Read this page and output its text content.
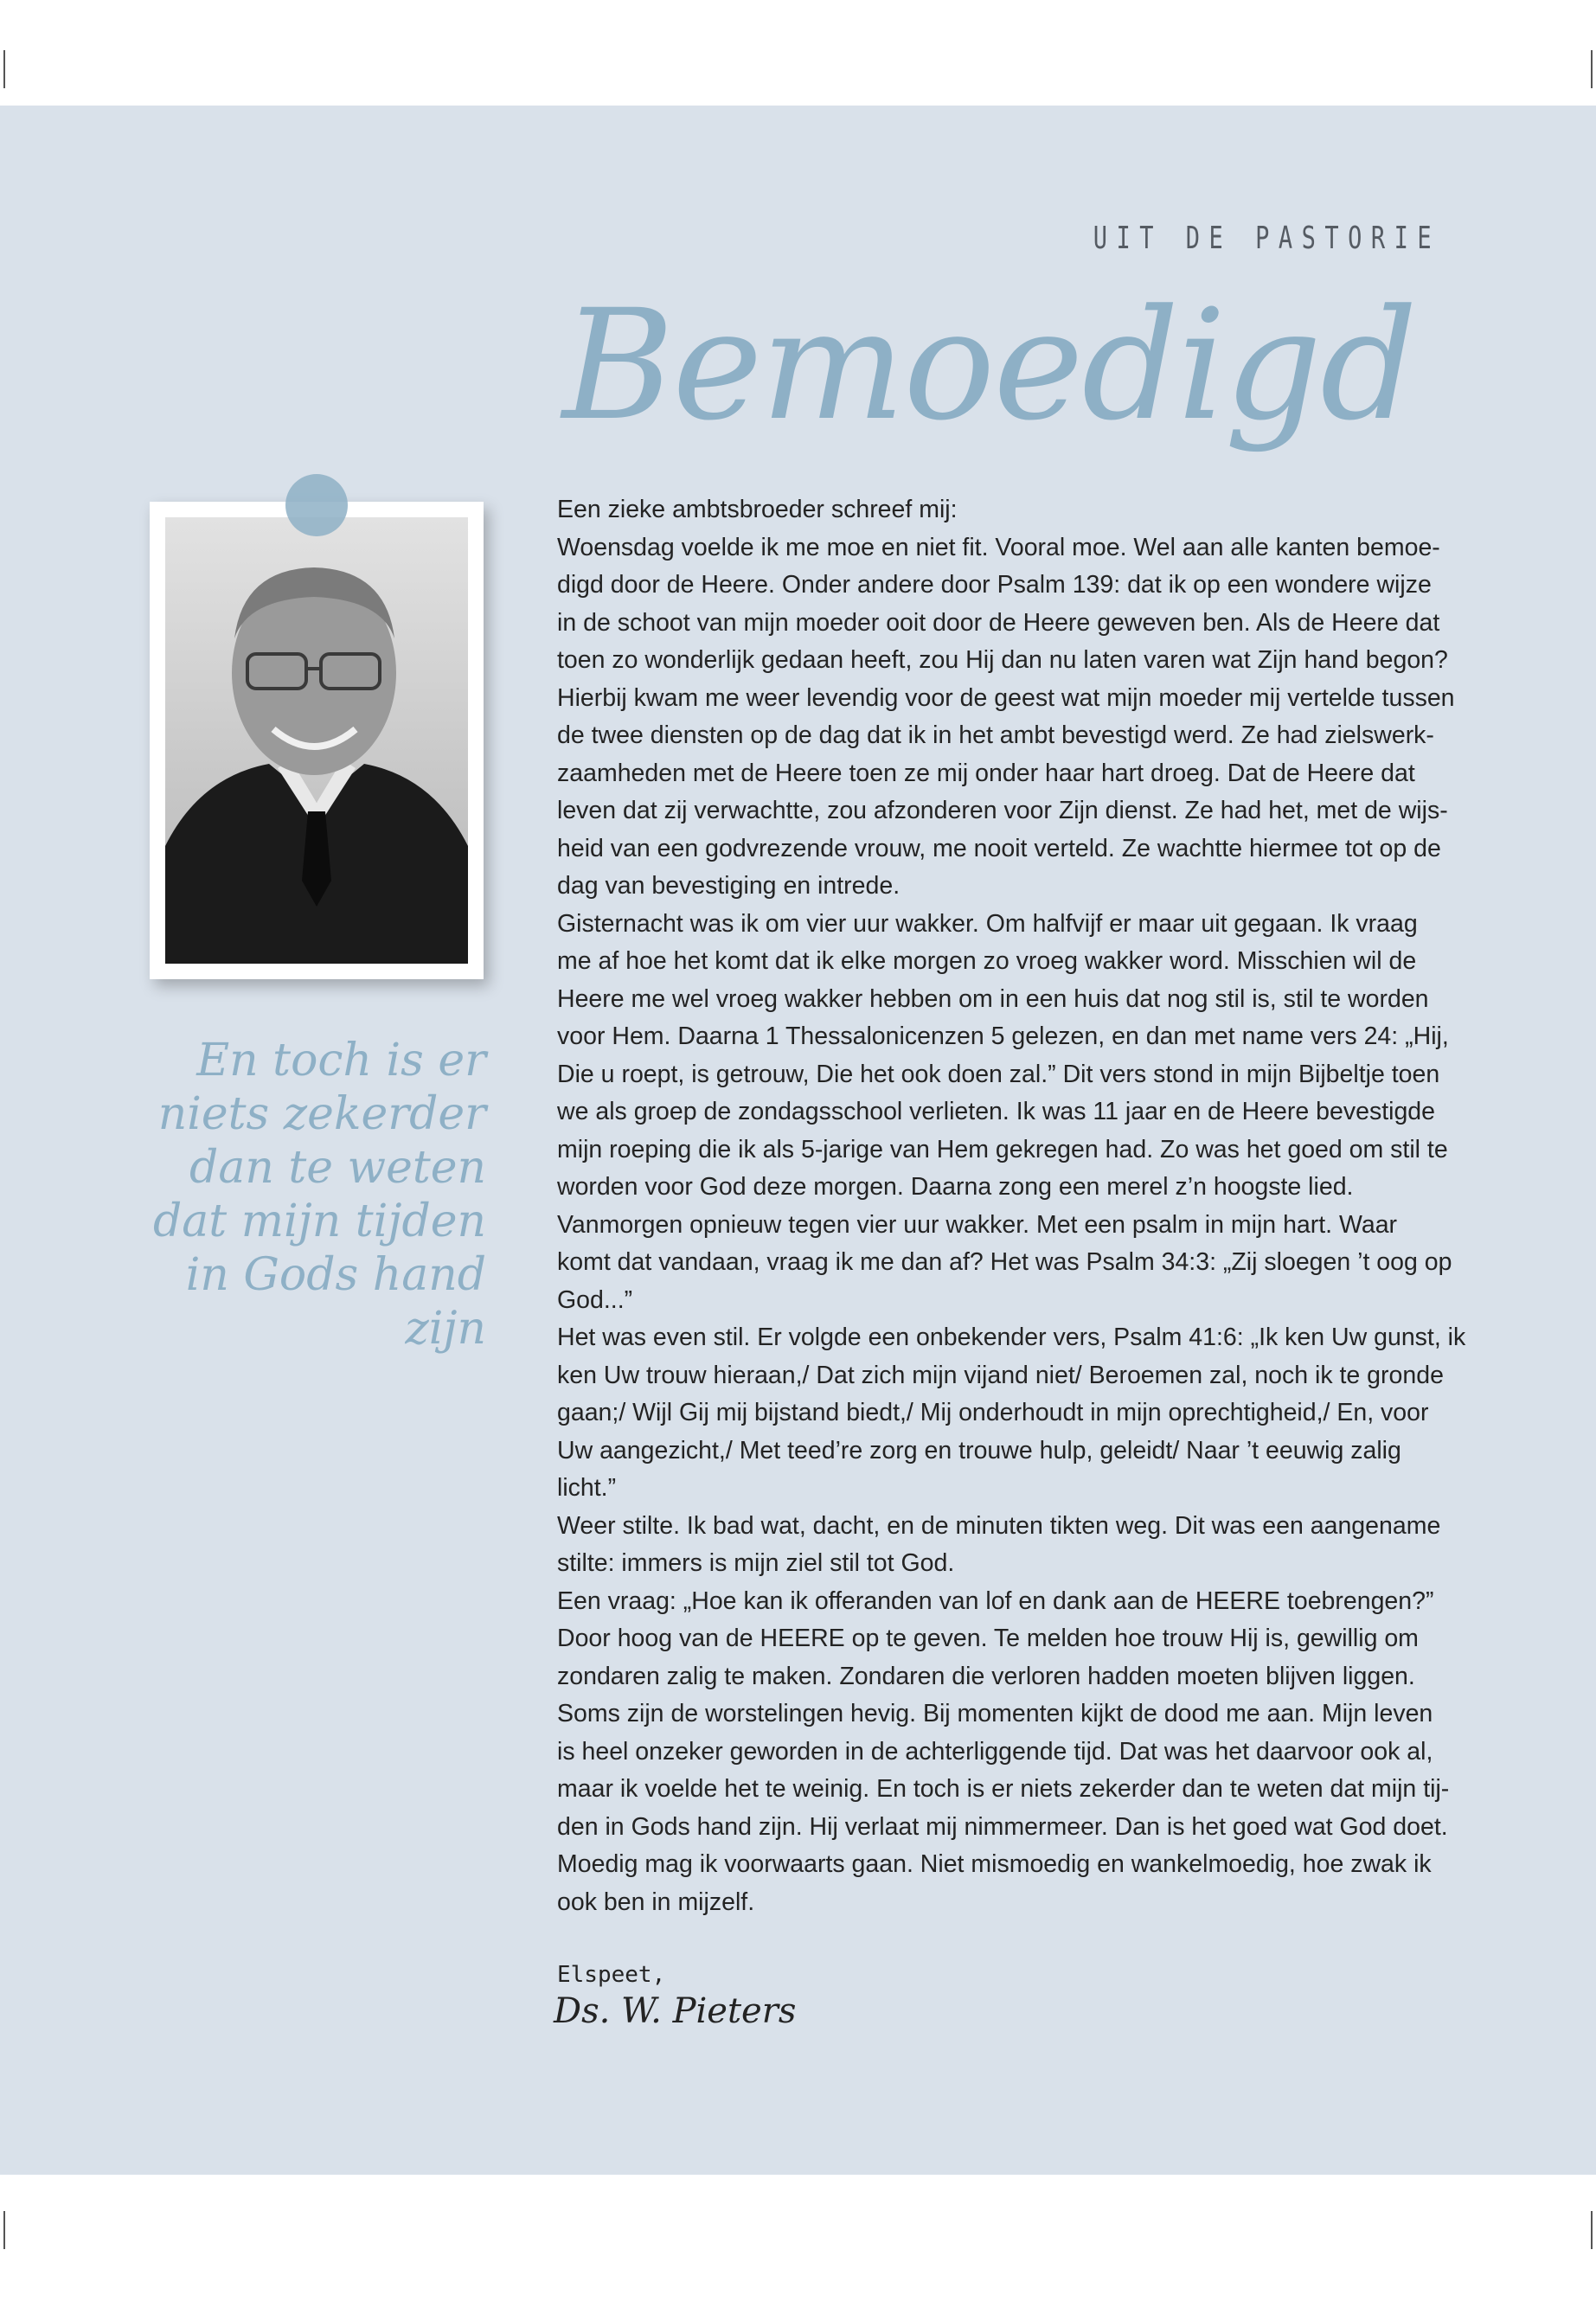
UIT DE PASTORIE
Bemoedigd
En toch is er
niets zekerder
dan te weten
dat mijn tijden
in Gods hand
zijn
Een zieke ambtsbroeder schreef mij:
Woensdag voelde ik me moe en niet fit. Vooral moe. Wel aan alle kanten bemoe-
digd door de Heere. Onder andere door Psalm 139: dat ik op een wondere wijze
in de schoot van mijn moeder ooit door de Heere geweven ben. Als de Heere dat
toen zo wonderlijk gedaan heeft, zou Hij dan nu laten varen wat Zijn hand begon?
Hierbij kwam me weer levendig voor de geest wat mijn moeder mij vertelde tussen
de twee diensten op de dag dat ik in het ambt bevestigd werd. Ze had zielswerk-
zaamheden met de Heere toen ze mij onder haar hart droeg. Dat de Heere dat
leven dat zij verwachtte, zou afzonderen voor Zijn dienst. Ze had het, met de wijs-
heid van een godvrezende vrouw, me nooit verteld. Ze wachtte hiermee tot op de
dag van bevestiging en intrede.
Gisternacht was ik om vier uur wakker. Om halfvijf er maar uit gegaan. Ik vraag
me af hoe het komt dat ik elke morgen zo vroeg wakker word. Misschien wil de
Heere me wel vroeg wakker hebben om in een huis dat nog stil is, stil te worden
voor Hem. Daarna 1 Thessalonicenzen 5 gelezen, en dan met name vers 24: „Hij,
Die u roept, is getrouw, Die het ook doen zal.” Dit vers stond in mijn Bijbeltje toen
we als groep de zondagsschool verlieten. Ik was 11 jaar en de Heere bevestigde
mijn roeping die ik als 5-jarige van Hem gekregen had. Zo was het goed om stil te
worden voor God deze morgen. Daarna zong een merel z’n hoogste lied.
Vanmorgen opnieuw tegen vier uur wakker. Met een psalm in mijn hart. Waar
komt dat vandaan, vraag ik me dan af? Het was Psalm 34:3: „Zij sloegen ’t oog op
God...”
Het was even stil. Er volgde een onbekender vers, Psalm 41:6: „Ik ken Uw gunst, ik
ken Uw trouw hieraan,/ Dat zich mijn vijand niet/ Beroemen zal, noch ik te gronde
gaan;/ Wijl Gij mij bijstand biedt,/ Mij onderhoudt in mijn oprechtigheid,/ En, voor
Uw aangezicht,/ Met teed’re zorg en trouwe hulp, geleidt/ Naar ’t eeuwig zalig
licht.”
Weer stilte. Ik bad wat, dacht, en de minuten tikten weg. Dit was een aangename
stilte: immers is mijn ziel stil tot God.
Een vraag: „Hoe kan ik offeranden van lof en dank aan de HEERE toebrengen?”
Door hoog van de HEERE op te geven. Te melden hoe trouw Hij is, gewillig om
zondaren zalig te maken. Zondaren die verloren hadden moeten blijven liggen.
Soms zijn de worstelingen hevig. Bij momenten kijkt de dood me aan. Mijn leven
is heel onzeker geworden in de achterliggende tijd. Dat was het daarvoor ook al,
maar ik voelde het te weinig. En toch is er niets zekerder dan te weten dat mijn tij-
den in Gods hand zijn. Hij verlaat mij nimmermeer. Dan is het goed wat God doet.
Moedig mag ik voorwaarts gaan. Niet mismoedig en wankelmoedig, hoe zwak ik
ook ben in mijzelf.
Elspeet,
Ds. W. Pieters
